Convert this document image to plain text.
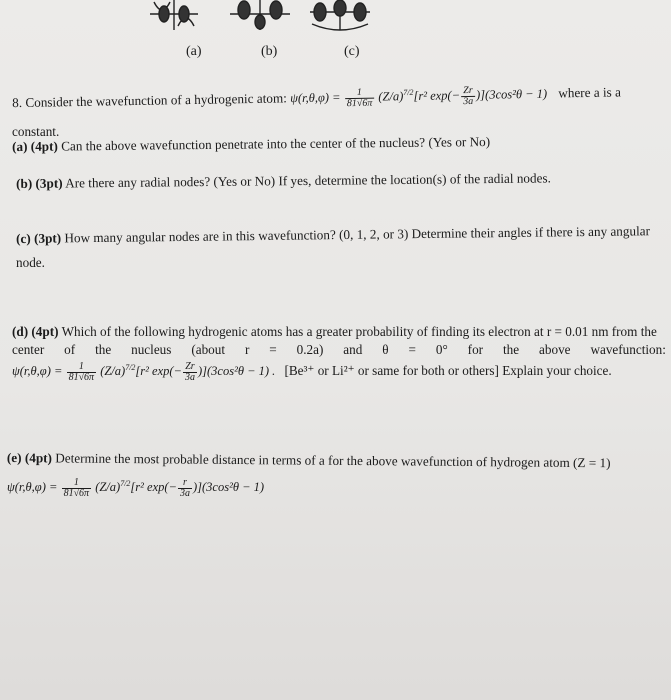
(a)	(b)	(c)
8. Consider the wavefunction of a hydrogenic atom: $\psi(r,\theta,\varphi) = \frac{1}{81√6\pi} (Z/a)^{7/2}[r^2$ $\exp(- \frac{Zr}{3a} )](3\cos^2\theta - 1)$ where a is a
constant.
(a) (4pt) Can the above wavefunction penetrate into the center of the nucleus? (Yes or No)
(b) (3pt) Are there any radial nodes? (Yes or No) If yes, determine the location(s) of the radial nodes.
(c) (3pt) How many angular nodes are in this wavefunction? (0, 1, 2, or 3) Determine their angles if there is any angular
node.
(d) (4pt) Which of the following hydrogenic atoms has a greater probability of finding its electron at r = 0.01 nm from the
center of the nucleus (about r = 0.2a) and θ = 0° for the above wavefunction:
$\psi(r,\theta,\varphi) = \frac{1}{81√6\pi} (Z/a)^{7/2}[r^2$ $\exp(- \frac{Zr}{3a} )](3\cos^2\theta - 1)$ . [Be³⁺ or Li²⁺ or same for both or others] Explain your choice.
(e) (4pt) Determine the most probable distance in terms of a for the above wavefunction of hydrogen atom (Z = 1)
$\psi(r,\theta,\varphi) = \frac{1}{81√6\pi} (Z/a)^{7/2}[r^2$ $\exp(- \frac{r}{3a} )](3\cos^2\theta - 1)$
